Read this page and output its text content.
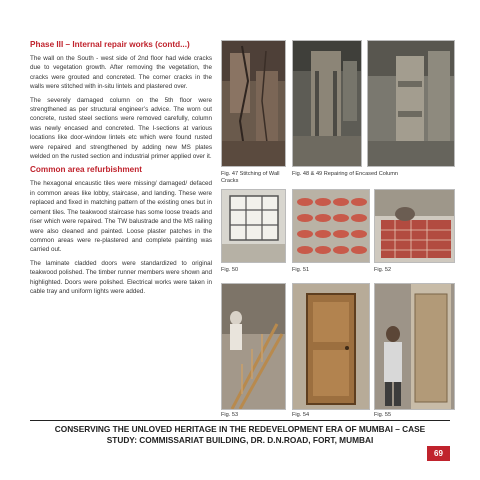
Phase III – Internal repair works (contd...)

The wall on the South - west side of 2nd floor had wide cracks due to vegetation growth. After removing the vegetation, the cracks were grouted and concreted. The corner cracks in the walls were stitched with in-situ lintels and plastered over.

The severely damaged column on the 5th floor were strengthened as per structural engineer’s advice. The worn out concrete, rusted steel sections were removed carefully, column was newly encased and concreted. The I-sections at various locations like door-window lintels etc which were found rusted were repaired and strengthened by adding new MS plates welded on the rusted section and industrial primer applied over it.

Common area refurbishment

The hexagonal encaustic tiles were missing/ damaged/ defaced in common areas like lobby, staircase, and landing. These were replaced and fixed in matching pattern of the existing ones but in cement tiles. The teakwood staircase has some loose treads and riser which were repaired. The TW balustrade and the MS railing were also cleaned and painted. Loose plaster patches in the common areas were re-plastered and complete painting was carried out.

The laminate cladded doors were standardized to original teakwood polished. The timber runner members were shown and highlighted. Doors were polished. Electrical works were taken in cable tray and uniform lights were added.

Fig. 47 Stitching of Wall Cracks
Fig. 48 & 49 Repairing of Encased Column
Fig. 50	Fig. 51	Fig. 52
Fig. 53	Fig. 54	Fig. 55
CONSERVING THE UNLOVED HERITAGE IN THE REDEVELOPMENT ERA OF MUMBAI – CASE
STUDY: COMMISSARIAT BUILDING, DR. D.N.ROAD, FORT, MUMBAI
69
